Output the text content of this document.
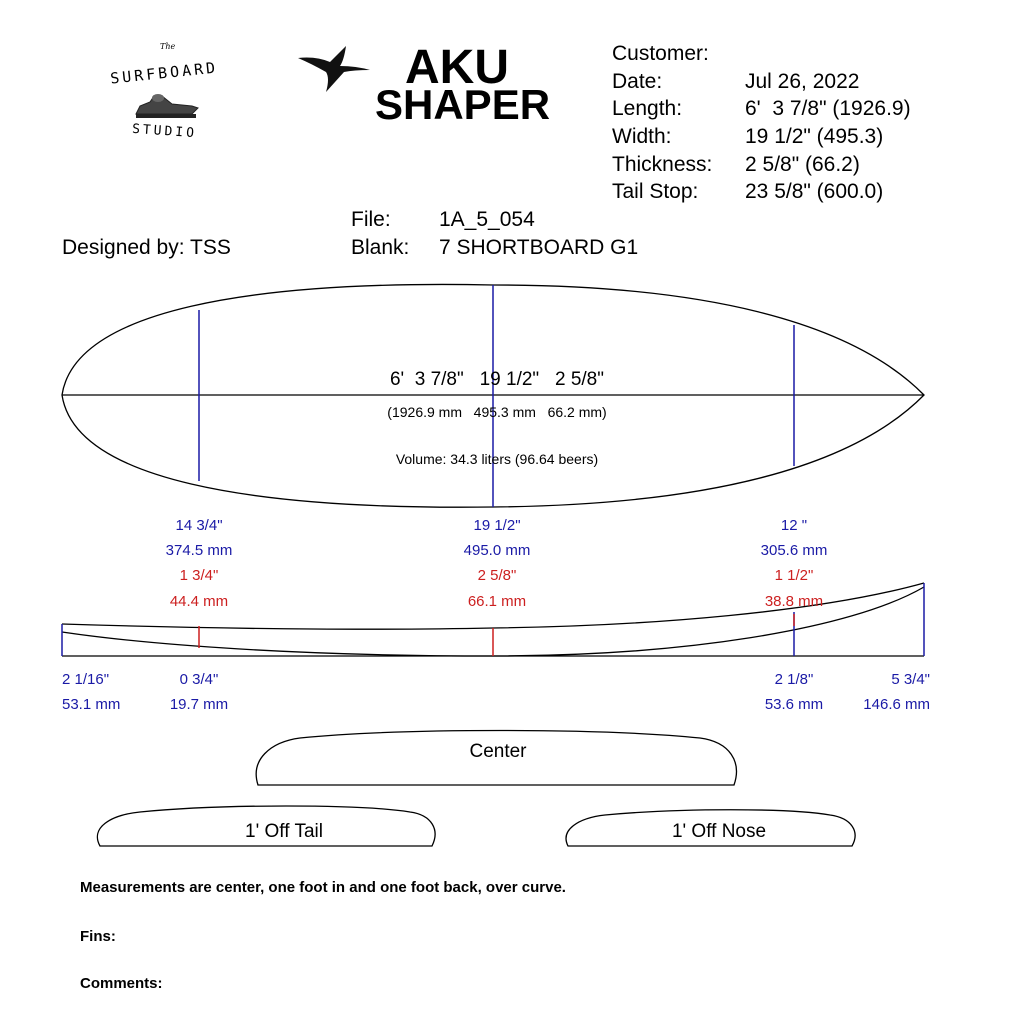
The
SURFBOARD
STUDIO
AKU
SHAPER
Customer:
Date:	Jul 26, 2022
Length:	6'  3 7/8" (1926.9)
Width:	19 1/2" (495.3)
Thickness: 2 5/8" (66.2)
Tail Stop: 23 5/8" (600.0)
File: 1A_5_054
Blank: 7 SHORTBOARD G1
Designed by: TSS
6'  3 7/8"   19 1/2"   2 5/8"
(1926.9 mm   495.3 mm   66.2 mm)
Volume: 34.3 liters (96.64 beers)
14 3/4"
374.5 mm
1 3/4"
44.4 mm
19 1/2"
495.0 mm
2 5/8"
66.1 mm
12 "
305.6 mm
1 1/2"
38.8 mm
2 1/16"
53.1 mm
0 3/4"
19.7 mm
2 1/8"
53.6 mm
5 3/4"
146.6 mm
Center
1' Off Tail	1' Off Nose
Measurements are center, one foot in and one foot back, over curve.
Fins:
Comments:
